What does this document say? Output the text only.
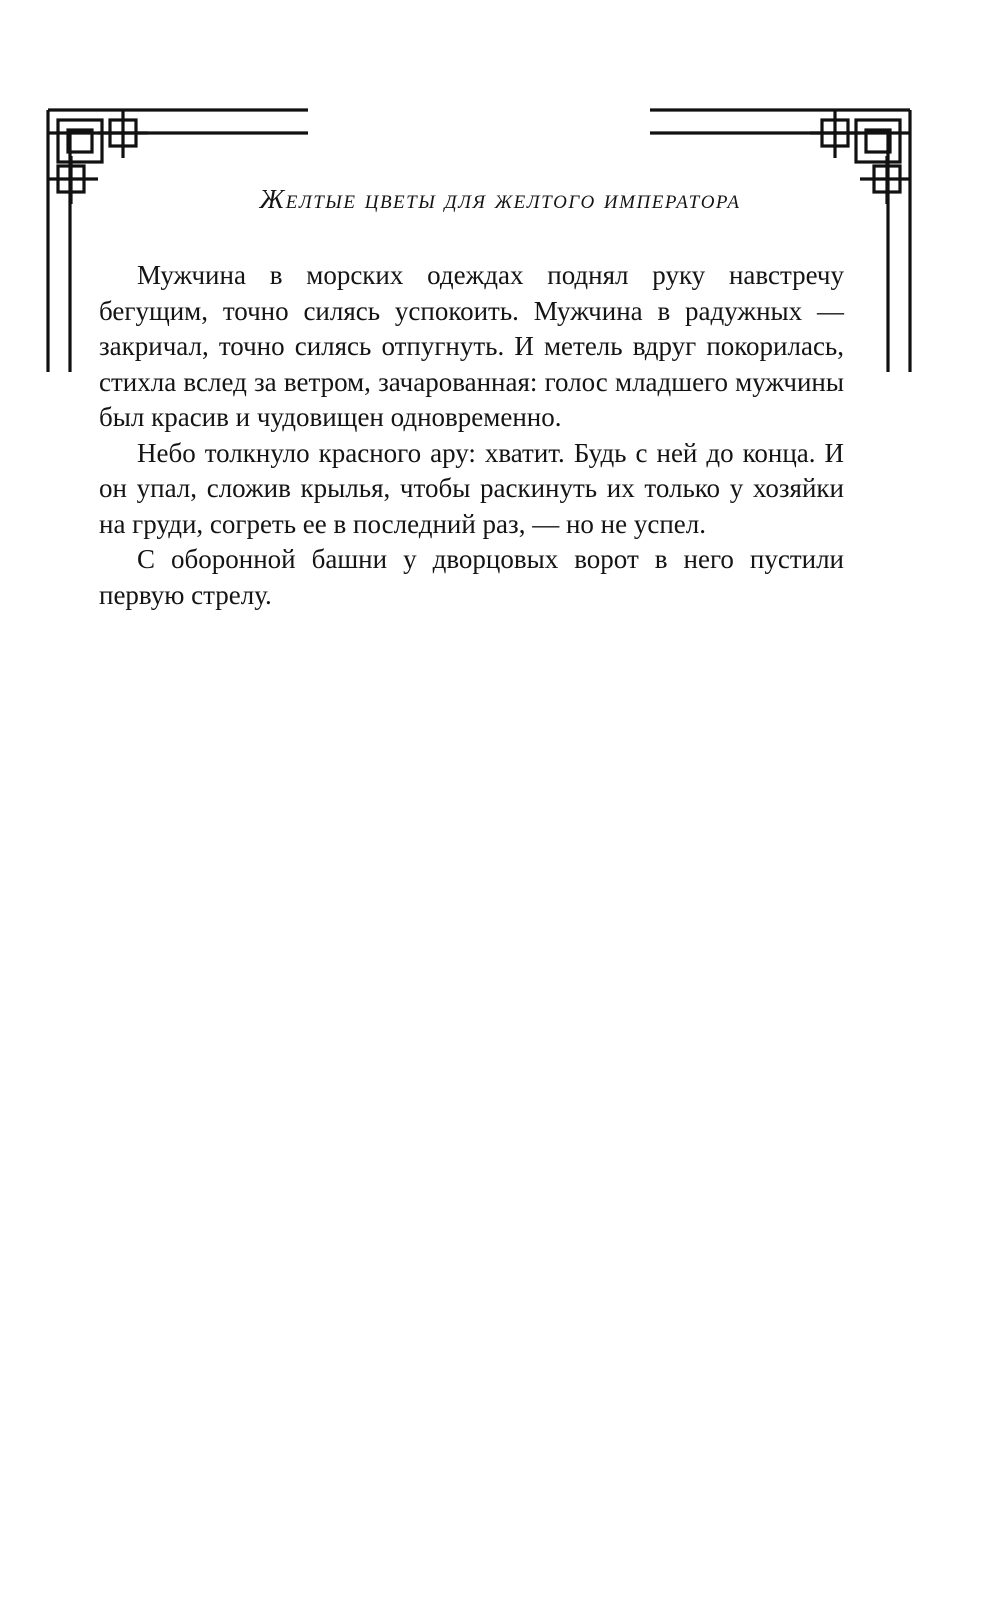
Желтые цветы для желтого императора

Мужчина в морских одеждах поднял руку навстречу бегущим, точно силясь успокоить. Мужчина в радужных — закричал, точно силясь отпугнуть. И метель вдруг покорилась, стихла вслед за ветром, зачарованная: голос младшего мужчины был красив и чудовищен одновременно.

Небо толкнуло красного ару: хватит. Будь с ней до конца. И он упал, сложив крылья, чтобы раскинуть их только у хозяйки на груди, согреть ее в последний раз, — но не успел.

С оборонной башни у дворцовых ворот в него пустили первую стрелу.
